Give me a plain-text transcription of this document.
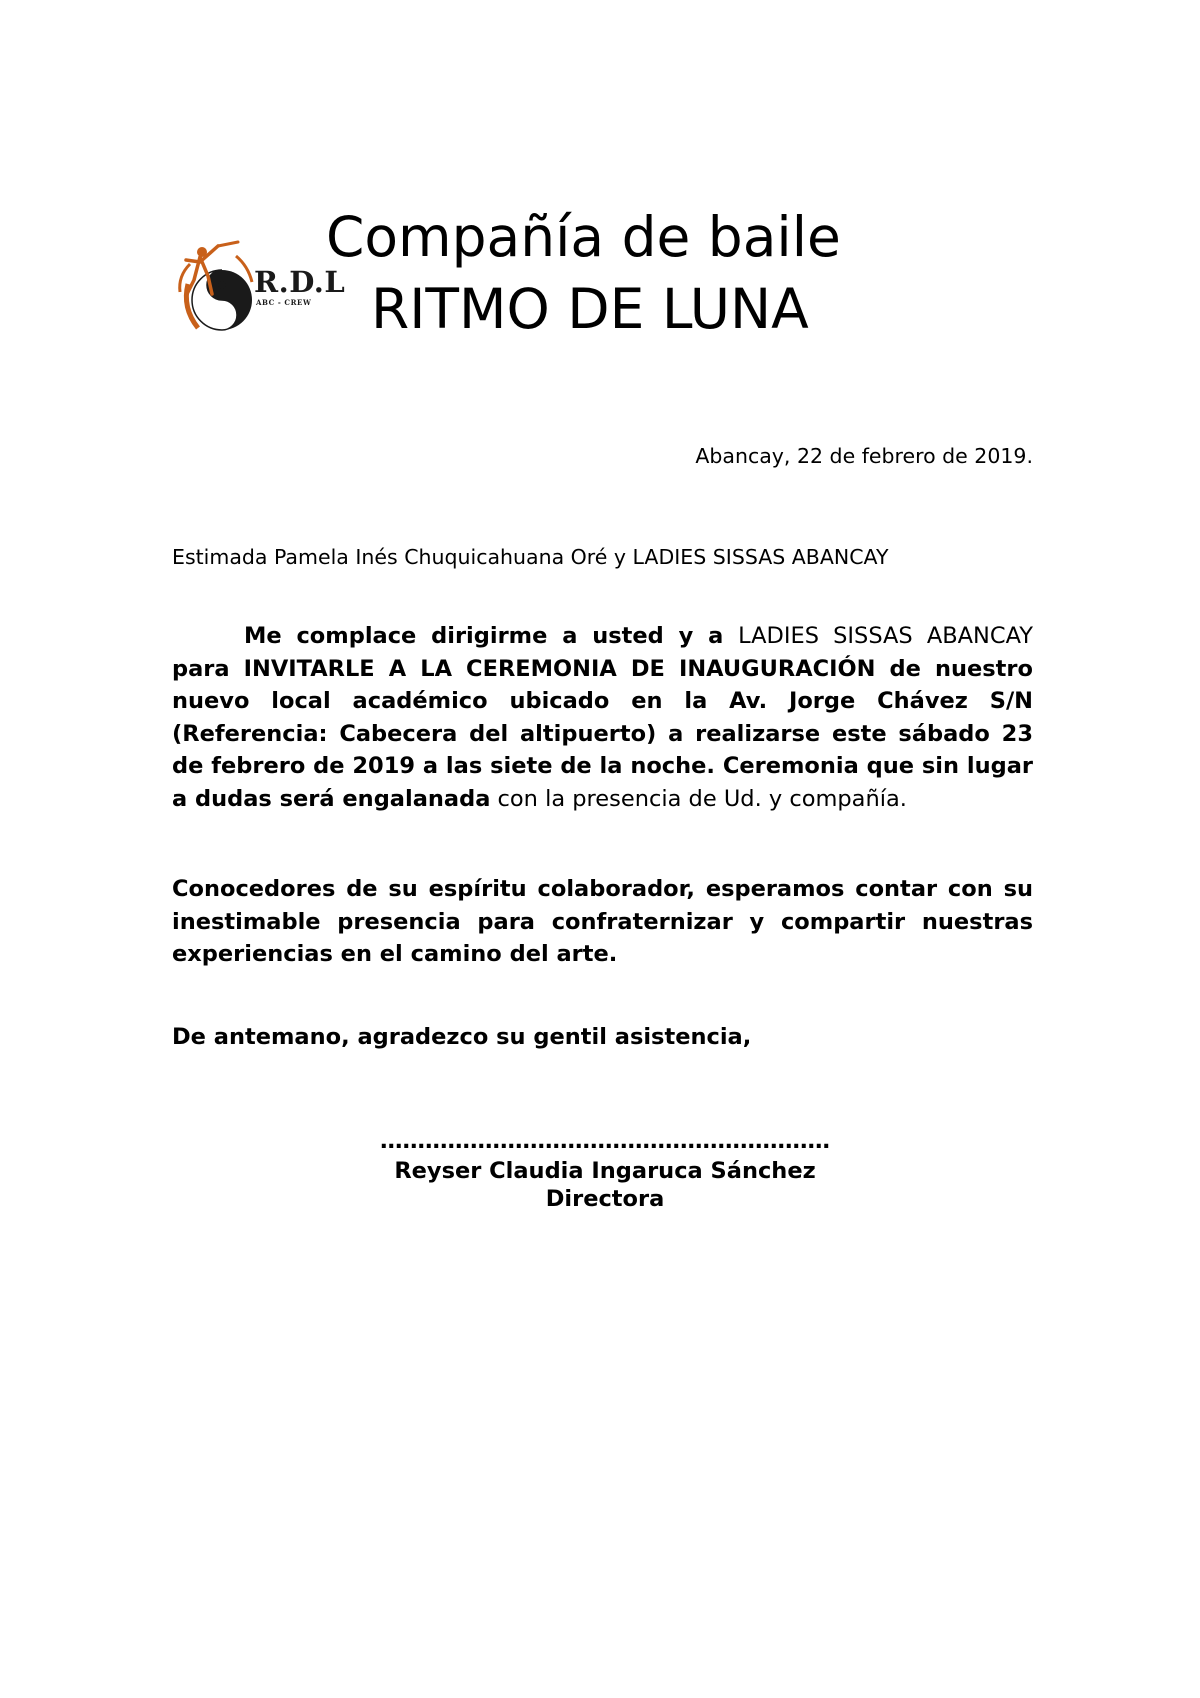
R.D.L
ABC - CREW
Compañía de baile
RITMO DE LUNA
Abancay, 22 de febrero de 2019.
Estimada Pamela Inés Chuquicahuana Oré y LADIES SISSAS ABANCAY
Me complace dirigirme a usted y a LADIES SISSAS ABANCAY para INVITARLE A LA CEREMONIA DE INAUGURACIÓN de nuestro nuevo local académico ubicado en la Av. Jorge Chávez S/N (Referencia: Cabecera del altipuerto) a realizarse este sábado 23 de febrero de 2019 a las siete de la noche. Ceremonia que sin lugar a dudas será engalanada con la presencia de Ud. y compañía.
Conocedores de su espíritu colaborador, esperamos contar con su inestimable presencia para confraternizar y compartir nuestras experiencias en el camino del arte.
De antemano, agradezco su gentil asistencia,
……………………………………………………
Reyser Claudia Ingaruca Sánchez
Directora
